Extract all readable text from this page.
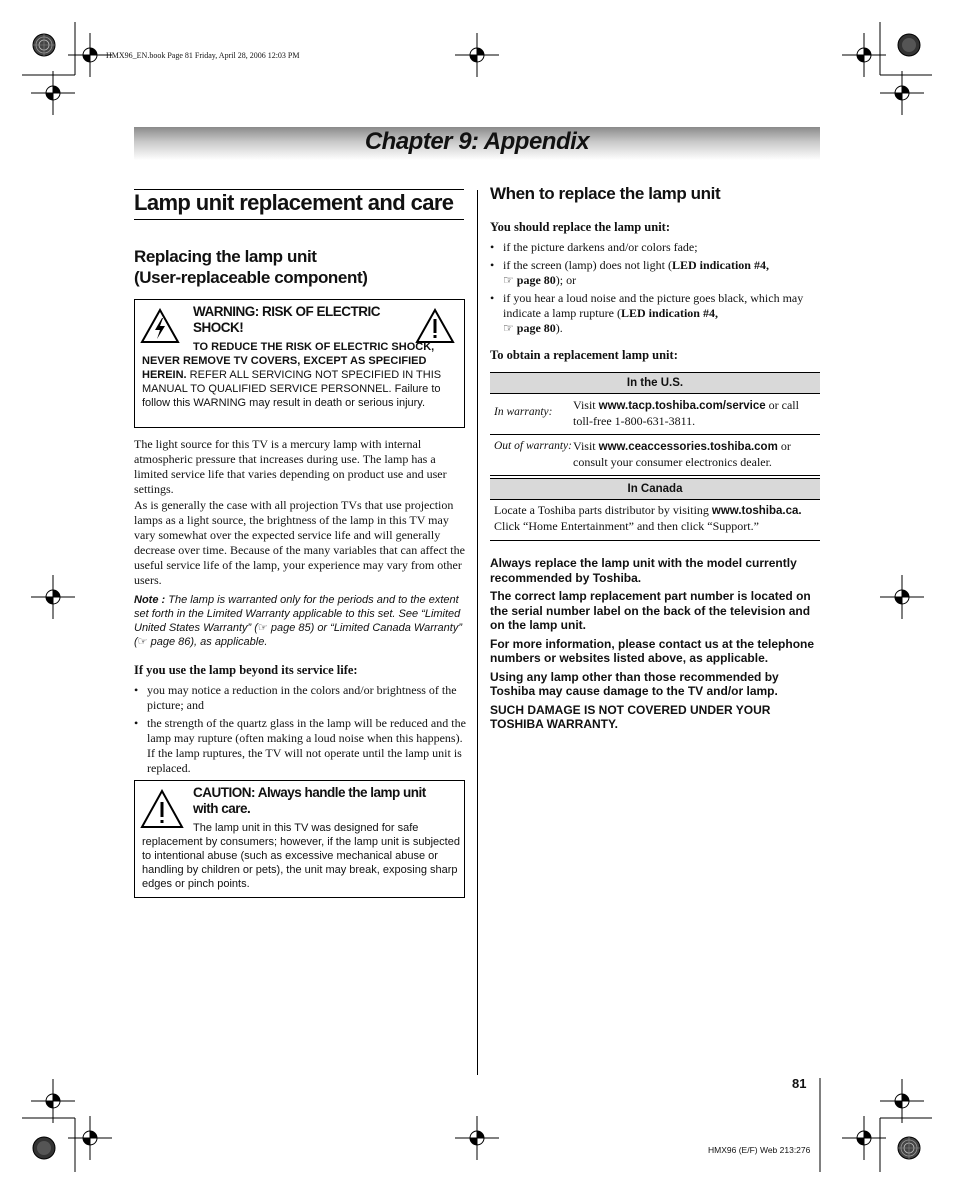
HMX96_EN.book Page 81 Friday, April 28, 2006 12:03 PM
Chapter 9: Appendix
Lamp unit replacement and care
Replacing the lamp unit
(User-replaceable component)
WARNING: RISK OF ELECTRIC
SHOCK!
TO REDUCE THE RISK OF ELECTRIC SHOCK, NEVER REMOVE TV COVERS, EXCEPT AS SPECIFIED HEREIN. REFER ALL SERVICING NOT SPECIFIED IN THIS MANUAL TO QUALIFIED SERVICE PERSONNEL. Failure to follow this WARNING may result in death or serious injury.
The light source for this TV is a mercury lamp with internal atmospheric pressure that increases during use. The lamp has a limited service life that varies depending on product use and user settings.
As is generally the case with all projection TVs that use projection lamps as a light source, the brightness of the lamp in this TV may vary somewhat over the expected service life and will generally decrease over time. Because of the many variables that can affect the useful service life of the lamp, your experience may vary from other users.
Note : The lamp is warranted only for the periods and to the extent set forth in the Limited Warranty applicable to this set. See “Limited United States Warranty” (☞ page 85) or “Limited Canada Warranty” (☞ page 86), as applicable.
If you use the lamp beyond its service life:
• you may notice a reduction in the colors and/or brightness of the picture; and
• the strength of the quartz glass in the lamp will be reduced and the lamp may rupture (often making a loud noise when this happens). If the lamp ruptures, the TV will not operate until the lamp unit is replaced.
CAUTION: Always handle the lamp unit
with care.
The lamp unit in this TV was designed for safe replacement by consumers; however, if the lamp unit is subjected to intentional abuse (such as excessive mechanical abuse or handling by children or pets), the unit may break, exposing sharp edges or pinch points.
When to replace the lamp unit
You should replace the lamp unit:
• if the picture darkens and/or colors fade;
• if the screen (lamp) does not light (LED indication #4,
☞ page 80); or
• if you hear a loud noise and the picture goes black, which may indicate a lamp rupture (LED indication #4,
☞ page 80).
To obtain a replacement lamp unit:
In the U.S.
In warranty:	Visit www.tacp.toshiba.com/service or call toll-free 1-800-631-3811.
Out of warranty: Visit www.ceaccessories.toshiba.com or consult your consumer electronics dealer.
In Canada
Locate a Toshiba parts distributor by visiting www.toshiba.ca. Click “Home Entertainment” and then click “Support.”
Always replace the lamp unit with the model currently recommended by Toshiba.
The correct lamp replacement part number is located on the serial number label on the back of the television and on the lamp unit.
For more information, please contact us at the telephone numbers or websites listed above, as applicable.
Using any lamp other than those recommended by Toshiba may cause damage to the TV and/or lamp.
SUCH DAMAGE IS NOT COVERED UNDER YOUR TOSHIBA WARRANTY.
81
HMX96 (E/F) Web 213:276
